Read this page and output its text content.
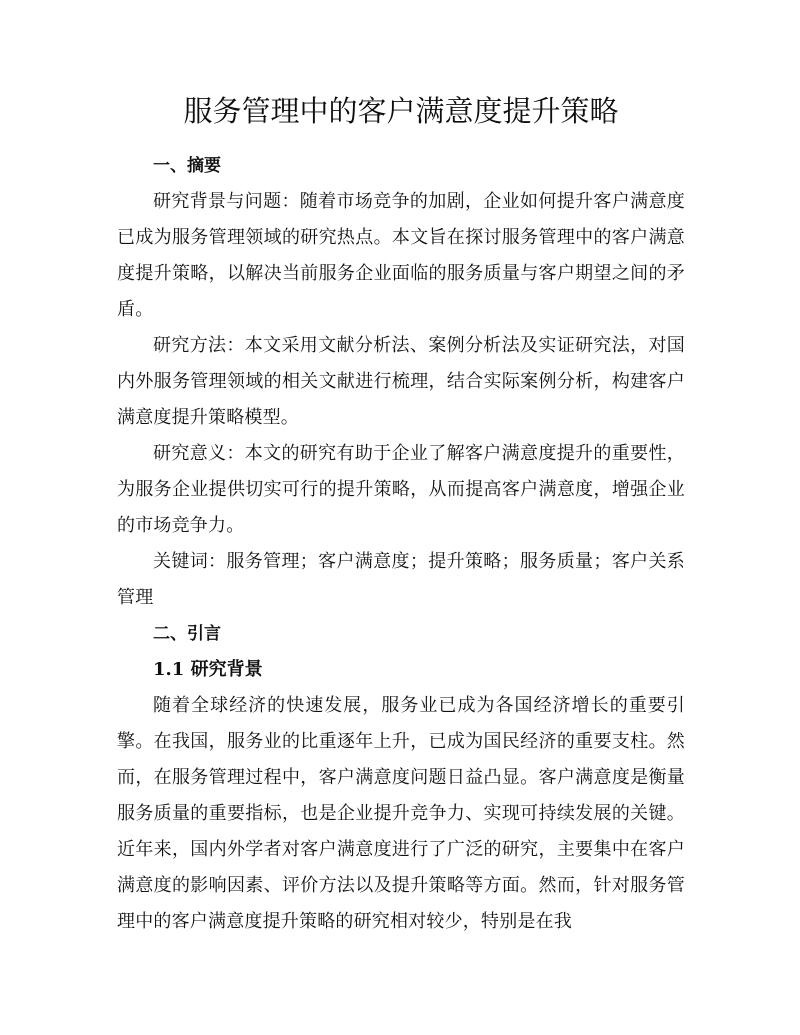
服务管理中的客户满意度提升策略
一、摘要

研究背景与问题：随着市场竞争的加剧，企业如何提升客户满意度已成为服务管理领域的研究热点。本文旨在探讨服务管理中的客户满意度提升策略，以解决当前服务企业面临的服务质量与客户期望之间的矛盾。

研究方法：本文采用文献分析法、案例分析法及实证研究法，对国内外服务管理领域的相关文献进行梳理，结合实际案例分析，构建客户满意度提升策略模型。

研究意义：本文的研究有助于企业了解客户满意度提升的重要性，为服务企业提供切实可行的提升策略，从而提高客户满意度，增强企业的市场竞争力。

关键词：服务管理；客户满意度；提升策略；服务质量；客户关系管理

二、引言
1.1 研究背景

随着全球经济的快速发展，服务业已成为各国经济增长的重要引擎。在我国，服务业的比重逐年上升，已成为国民经济的重要支柱。然而，在服务管理过程中，客户满意度问题日益凸显。客户满意度是衡量服务质量的重要指标，也是企业提升竞争力、实现可持续发展的关键。近年来，国内外学者对客户满意度进行了广泛的研究，主要集中在客户满意度的影响因素、评价方法以及提升策略等方面。然而，针对服务管理中的客户满意度提升策略的研究相对较少，特别是在我
